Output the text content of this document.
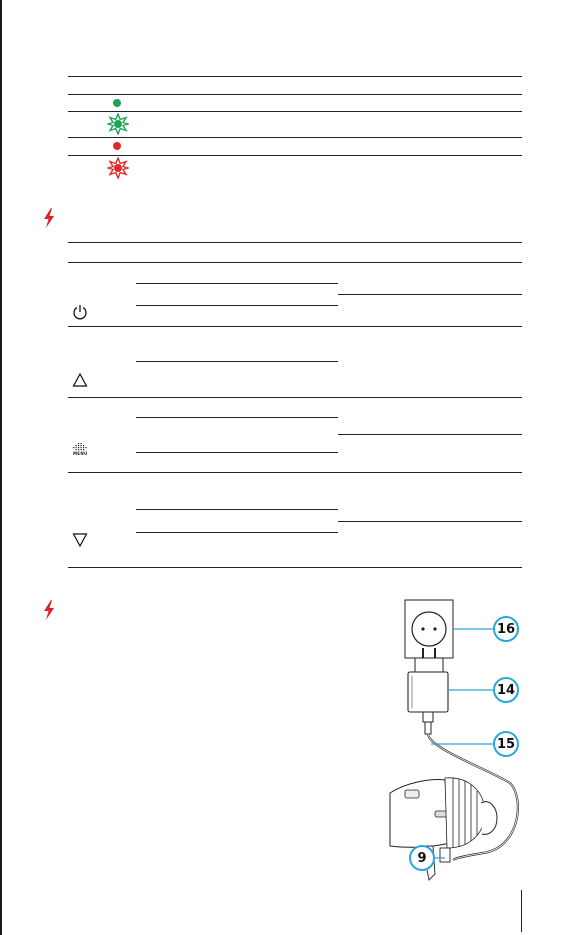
MENU
16
14
15
9
